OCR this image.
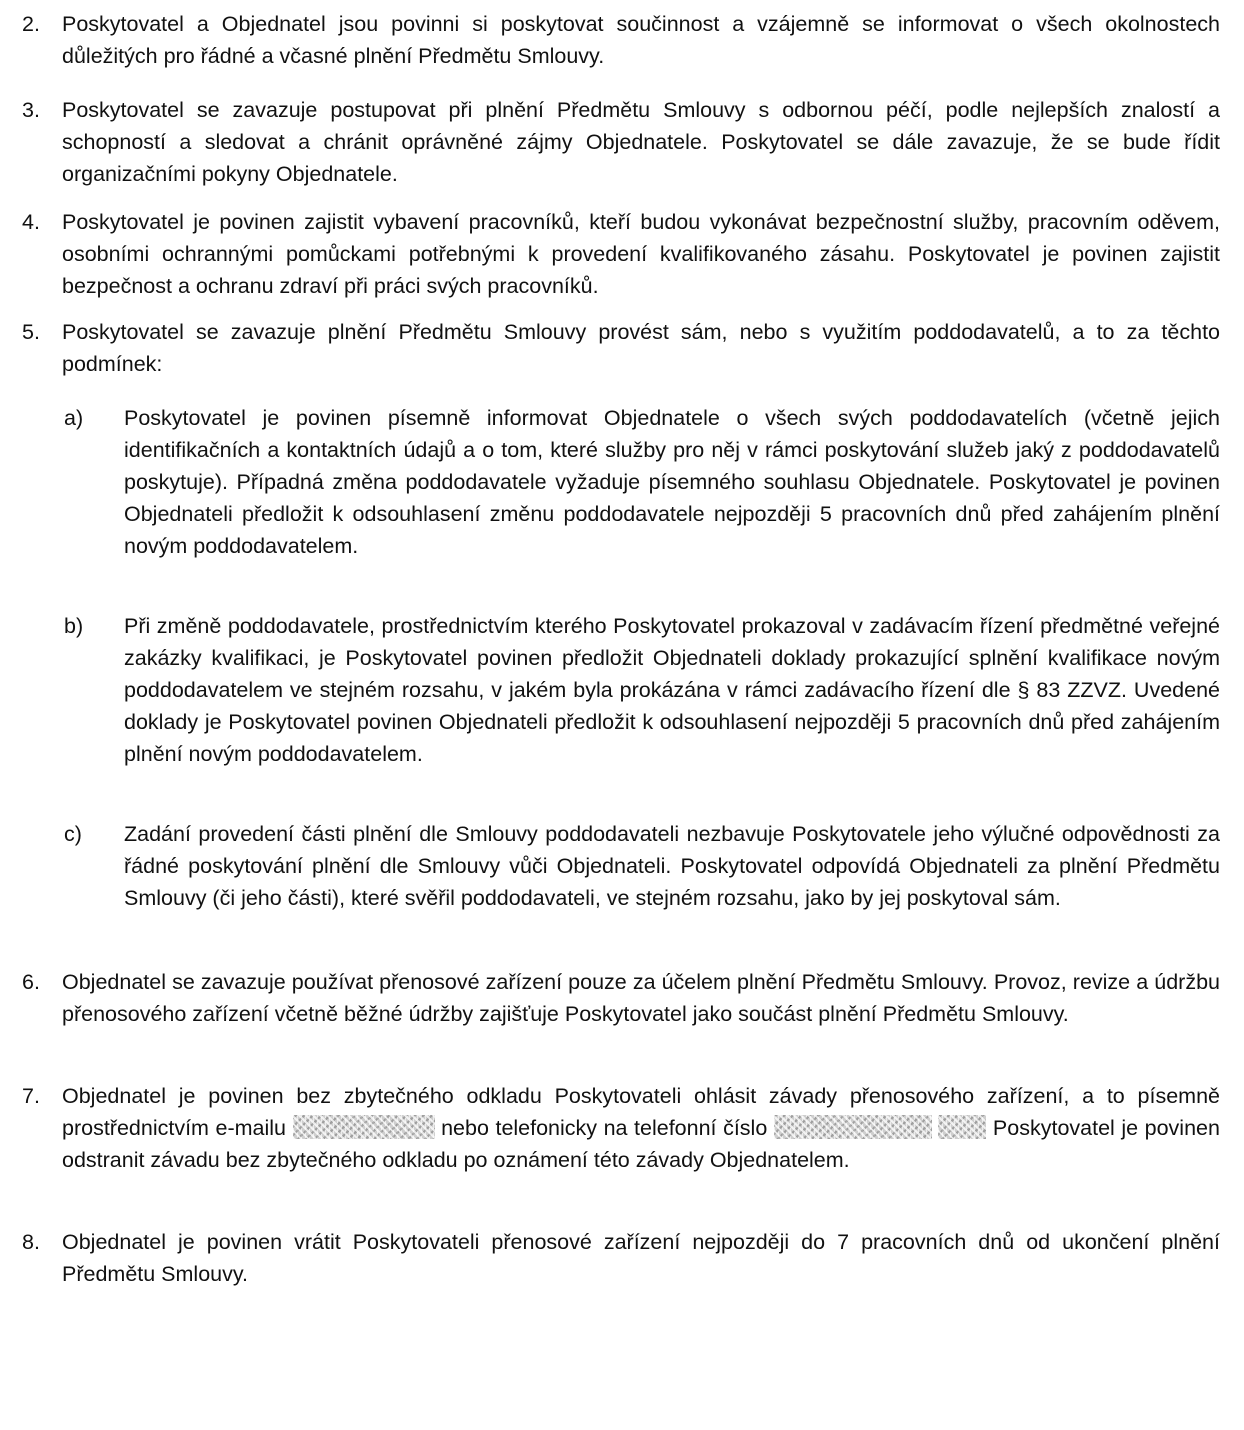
2.	Poskytovatel a Objednatel jsou povinni si poskytovat součinnost a vzájemně se informovat o všech okolnostech důležitých pro řádné a včasné plnění Předmětu Smlouvy.
3.	Poskytovatel se zavazuje postupovat při plnění Předmětu Smlouvy s odbornou péčí, podle nejlepších znalostí a schopností a sledovat a chránit oprávněné zájmy Objednatele. Poskytovatel se dále zavazuje, že se bude řídit organizačními pokyny Objednatele.
4.	Poskytovatel je povinen zajistit vybavení pracovníků, kteří budou vykonávat bezpečnostní služby, pracovním oděvem, osobními ochrannými pomůckami potřebnými k provedení kvalifikovaného zásahu. Poskytovatel je povinen zajistit bezpečnost a ochranu zdraví při práci svých pracovníků.
5.	Poskytovatel se zavazuje plnění Předmětu Smlouvy provést sám, nebo s využitím poddodavatelů, a to za těchto podmínek:
a)	Poskytovatel je povinen písemně informovat Objednatele o všech svých poddodavatelích (včetně jejich identifikačních a kontaktních údajů a o tom, které služby pro něj v rámci poskytování služeb jaký z poddodavatelů poskytuje). Případná změna poddodavatele vyžaduje písemného souhlasu Objednatele. Poskytovatel je povinen Objednateli předložit k odsouhlasení změnu poddodavatele nejpozději 5 pracovních dnů před zahájením plnění novým poddodavatelem.
b)	Při změně poddodavatele, prostřednictvím kterého Poskytovatel prokazoval v zadávacím řízení předmětné veřejné zakázky kvalifikaci, je Poskytovatel povinen předložit Objednateli doklady prokazující splnění kvalifikace novým poddodavatelem ve stejném rozsahu, v jakém byla prokázána v rámci zadávacího řízení dle § 83 ZZVZ. Uvedené doklady je Poskytovatel povinen Objednateli předložit k odsouhlasení nejpozději 5 pracovních dnů před zahájením plnění novým poddodavatelem.
c)	Zadání provedení části plnění dle Smlouvy poddodavateli nezbavuje Poskytovatele jeho výlučné odpovědnosti za řádné poskytování plnění dle Smlouvy vůči Objednateli. Poskytovatel odpovídá Objednateli za plnění Předmětu Smlouvy (či jeho části), které svěřil poddodavateli, ve stejném rozsahu, jako by jej poskytoval sám.
6.	Objednatel se zavazuje používat přenosové zařízení pouze za účelem plnění Předmětu Smlouvy. Provoz, revize a údržbu přenosového zařízení včetně běžné údržby zajišťuje Poskytovatel jako součást plnění Předmětu Smlouvy.
7.	Objednatel je povinen bez zbytečného odkladu Poskytovateli ohlásit závady přenosového zařízení, a to písemně prostřednictvím e-mailu	nebo telefonicky na telefonní číslo	Poskytovatel je povinen odstranit závadu bez zbytečného odkladu po oznámení této závady Objednatelem.
8.	Objednatel je povinen vrátit Poskytovateli přenosové zařízení nejpozději do 7 pracovních dnů od ukončení plnění Předmětu Smlouvy.
